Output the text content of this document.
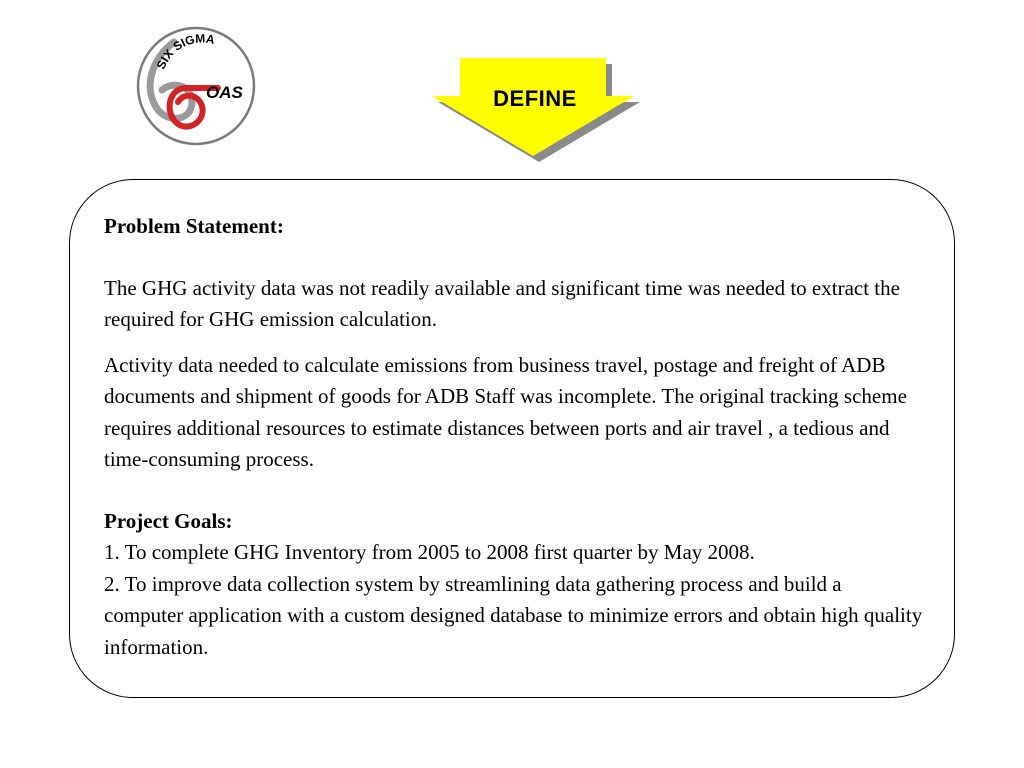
SIX SIGMA
OAS	DEFINE

Problem Statement:

The GHG activity data was not readily available and significant time was needed to extract the required for GHG emission calculation.

Activity data needed to calculate emissions from business travel, postage and freight of ADB documents and shipment of goods for ADB Staff was incomplete. The original tracking scheme requires additional resources to estimate distances between ports and air travel , a tedious and time-consuming process.

Project Goals:

1. To complete GHG Inventory from 2005 to 2008 first quarter by May 2008.

2. To improve data collection system by streamlining data gathering process and build a computer application with a custom designed database to minimize errors and obtain high quality information.
